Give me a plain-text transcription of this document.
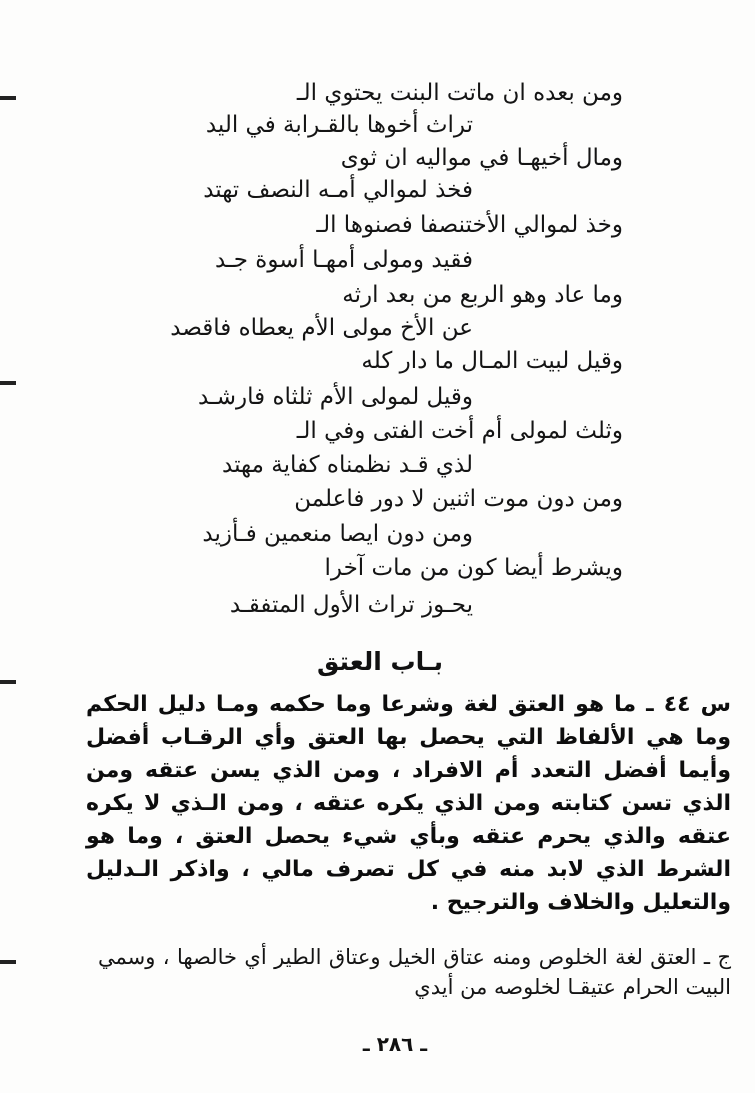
ومن بعده ان ماتت البنت يحتوي الـ
تراث أخوها بالقـرابة في اليد
ومال أخيهـا في مواليه ان ثوى
فخذ لموالي أمـه النصف تهتد
وخذ لموالي الأختنصفا فصنوها الـ
فقيد ومولى أمهـا أسوة جـد
وما عاد وهو الربع من بعد ارثه
عن الأخ مولى الأم يعطاه فاقصد
وقيل لبيت المـال ما دار كله
وقيل لمولى الأم ثلثاه فارشـد
وثلث لمولى أم أخت الفتى وفي الـ
لذي قـد نظمناه كفاية مهتد
ومن دون موت اثنين لا دور فاعلمن
ومن دون ايصا منعمين فـأزيد
ويشرط أيضا كون من مات آخرا
يحـوز تراث الأول المتفقـد
بـاب العتق
س ٤٤ ـ ما هو العتق لغة وشرعا وما حكمه ومـا دليل الحكم وما هي الألفاظ التي يحصل بها العتق وأي الرقـاب أفضل وأيما أفضل التعدد أم الافراد ، ومن الذي يسن عتقه ومن الذي تسن كتابته ومن الذي يكره عتقه ، ومن الـذي لا يكره عتقه والذي يحرم عتقه وبأي شيء يحصل العتق ، وما هو الشرط الذي لابد منه في كل تصرف مالي ، واذكر الـدليل والتعليل والخلاف والترجيح .
ج ـ العتق لغة الخلوص ومنه عتاق الخيل وعتاق الطير أي خالصها ، وسمي البيت الحرام عتيقـا لخلوصه من أيدي
ـ ٢٨٦ ـ
